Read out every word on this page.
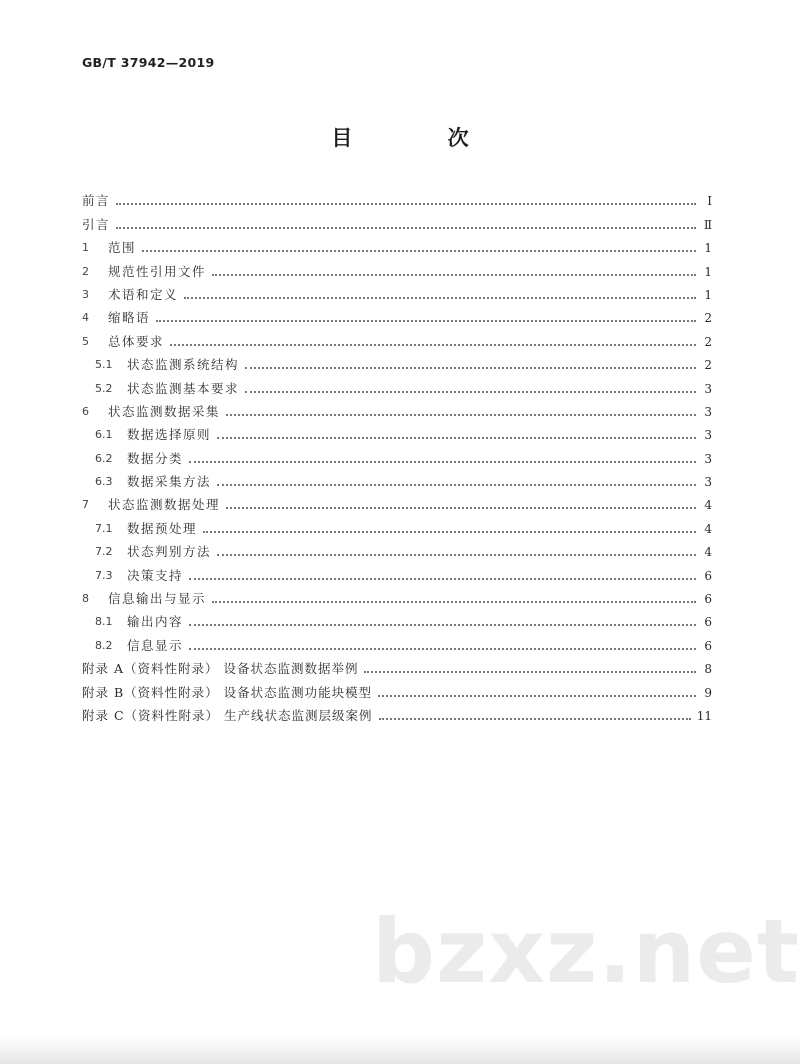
GB/T 37942—2019
目 次
前言	Ⅰ
引言	Ⅱ
1	范围	1
2	规范性引用文件	1
3	术语和定义	1
4	缩略语	2
5	总体要求	2
5.1	状态监测系统结构	2
5.2	状态监测基本要求	3
6	状态监测数据采集	3
6.1	数据选择原则	3
6.2	数据分类	3
6.3	数据采集方法	3
7	状态监测数据处理	4
7.1	数据预处理	4
7.2	状态判别方法	4
7.3	决策支持	6
8	信息输出与显示	6
8.1	输出内容	6
8.2	信息显示	6
附录 A（资料性附录） 设备状态监测数据举例	8
附录 B（资料性附录） 设备状态监测功能块模型	9
附录 C（资料性附录） 生产线状态监测层级案例	11
bzxz.net
